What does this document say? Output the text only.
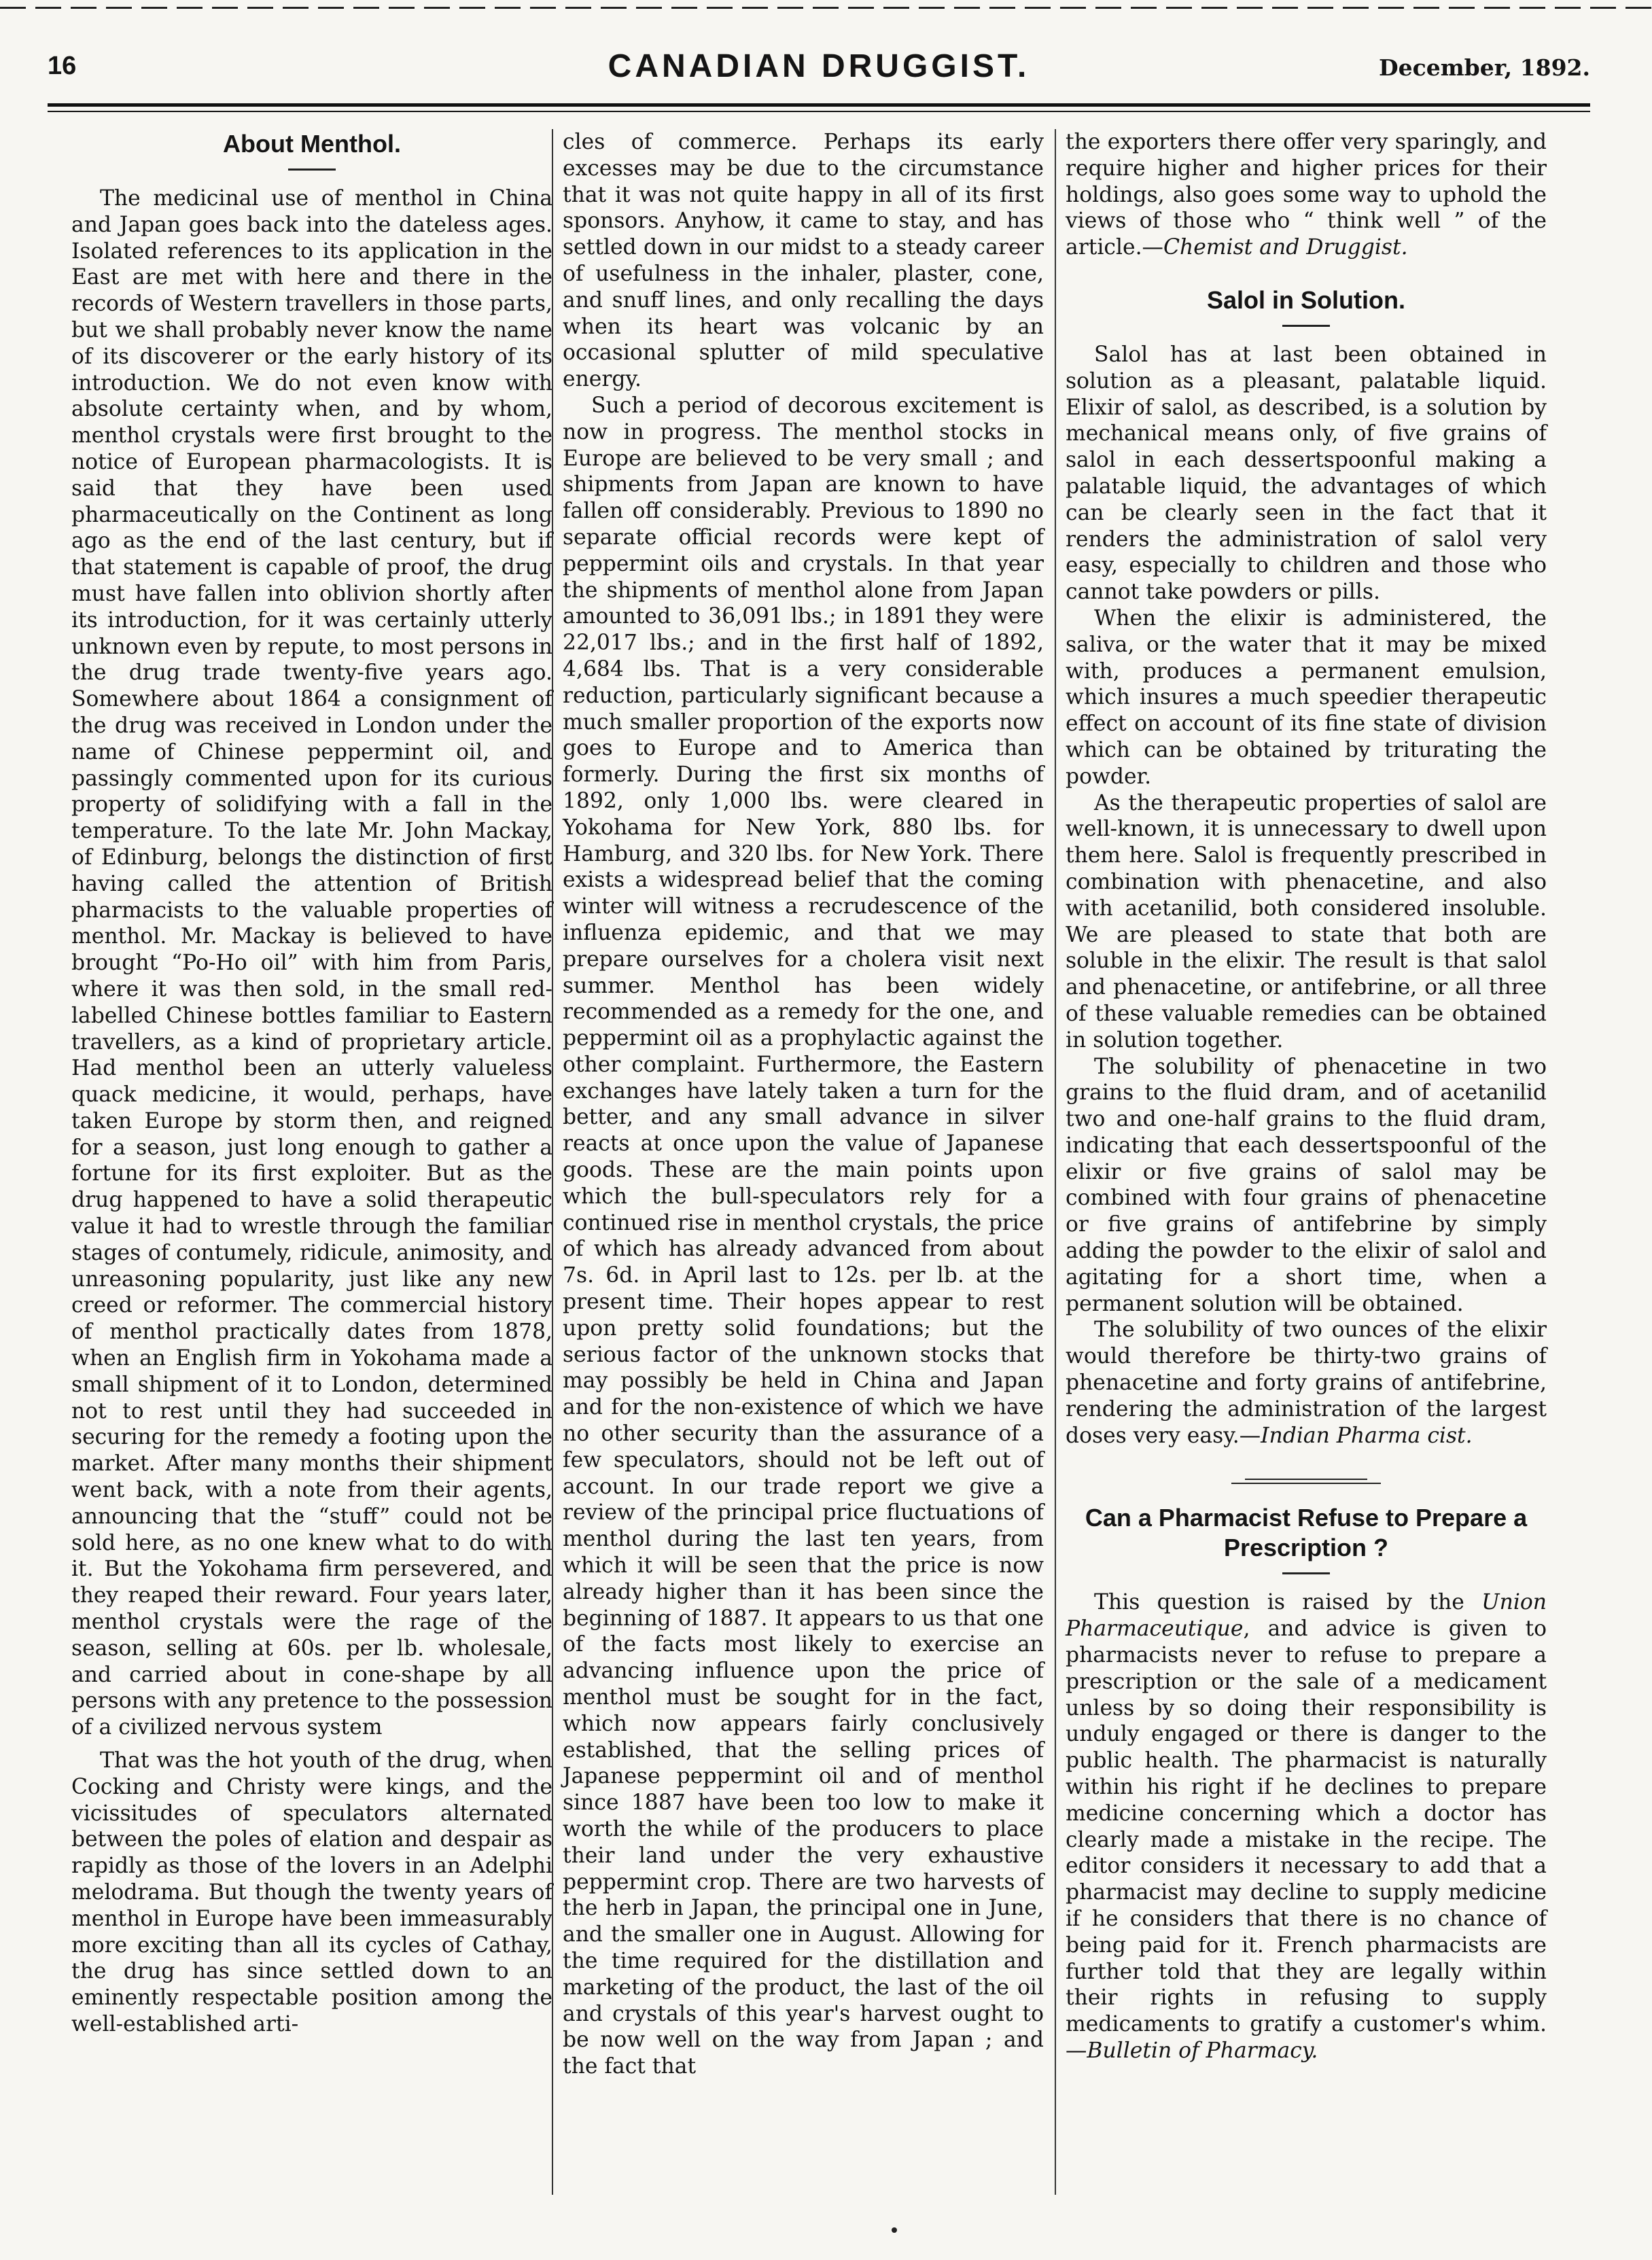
16	CANADIAN DRUGGIST.	December, 1892.
About Menthol.

The medicinal use of menthol in China and Japan goes back into the dateless ages. Isolated references to its application in the East are met with here and there in the records of Western travellers in those parts, but we shall probably never know the name of its discoverer or the early history of its introduction. We do not even know with absolute certainty when, and by whom, menthol crystals were first brought to the notice of European pharmacologists. It is said that they have been used pharmaceutically on the Continent as long ago as the end of the last century, but if that statement is capable of proof, the drug must have fallen into oblivion shortly after its introduction, for it was certainly utterly unknown even by repute, to most persons in the drug trade twenty-five years ago. Somewhere about 1864 a consignment of the drug was received in London under the name of Chinese peppermint oil, and passingly commented upon for its curious property of solidifying with a fall in the temperature. To the late Mr. John Mackay, of Edinburg, belongs the distinction of first having called the attention of British pharmacists to the valuable properties of menthol. Mr. Mackay is believed to have brought “Po-Ho oil” with him from Paris, where it was then sold, in the small red-labelled Chinese bottles familiar to Eastern travellers, as a kind of proprietary article. Had menthol been an utterly valueless quack medicine, it would, perhaps, have taken Europe by storm then, and reigned for a season, just long enough to gather a fortune for its first exploiter. But as the drug happened to have a solid therapeutic value it had to wrestle through the familiar stages of contumely, ridicule, animosity, and unreasoning popularity, just like any new creed or reformer. The commercial history of menthol practically dates from 1878, when an English firm in Yokohama made a small shipment of it to London, determined not to rest until they had succeeded in securing for the remedy a footing upon the market. After many months their shipment went back, with a note from their agents, announcing that the “stuff” could not be sold here, as no one knew what to do with it. But the Yokohama firm persevered, and they reaped their reward. Four years later, menthol crystals were the rage of the season, selling at 60s. per lb. wholesale, and carried about in cone-shape by all persons with any pretence to the possession of a civilized nervous system

That was the hot youth of the drug, when Cocking and Christy were kings, and the vicissitudes of speculators alternated between the poles of elation and despair as rapidly as those of the lovers in an Adelphi melodrama. But though the twenty years of menthol in Europe have been immeasurably more exciting than all its cycles of Cathay, the drug has since settled down to an eminently respectable position among the well-established arti-

cles of commerce. Perhaps its early excesses may be due to the circumstance that it was not quite happy in all of its first sponsors. Anyhow, it came to stay, and has settled down in our midst to a steady career of usefulness in the inhaler, plaster, cone, and snuff lines, and only recalling the days when its heart was volcanic by an occasional splutter of mild speculative energy.

Such a period of decorous excitement is now in progress. The menthol stocks in Europe are believed to be very small ; and shipments from Japan are known to have fallen off considerably. Previous to 1890 no separate official records were kept of peppermint oils and crystals. In that year the shipments of menthol alone from Japan amounted to 36,091 lbs.; in 1891 they were 22,017 lbs.; and in the first half of 1892, 4,684 lbs. That is a very considerable reduction, particularly significant because a much smaller proportion of the exports now goes to Europe and to America than formerly. During the first six months of 1892, only 1,000 lbs. were cleared in Yokohama for New York, 880 lbs. for Hamburg, and 320 lbs. for New York. There exists a widespread belief that the coming winter will witness a recrudescence of the influenza epidemic, and that we may prepare ourselves for a cholera visit next summer. Menthol has been widely recommended as a remedy for the one, and peppermint oil as a prophylactic against the other complaint. Furthermore, the Eastern exchanges have lately taken a turn for the better, and any small advance in silver reacts at once upon the value of Japanese goods. These are the main points upon which the bull-speculators rely for a continued rise in menthol crystals, the price of which has already advanced from about 7s. 6d. in April last to 12s. per lb. at the present time. Their hopes appear to rest upon pretty solid foundations; but the serious factor of the unknown stocks that may possibly be held in China and Japan and for the non-existence of which we have no other security than the assurance of a few speculators, should not be left out of account. In our trade report we give a review of the principal price fluctuations of menthol during the last ten years, from which it will be seen that the price is now already higher than it has been since the beginning of 1887. It appears to us that one of the facts most likely to exercise an advancing influence upon the price of menthol must be sought for in the fact, which now appears fairly conclusively established, that the selling prices of Japanese peppermint oil and of menthol since 1887 have been too low to make it worth the while of the producers to place their land under the very exhaustive peppermint crop. There are two harvests of the herb in Japan, the principal one in June, and the smaller one in August. Allowing for the time required for the distillation and marketing of the product, the last of the oil and crystals of this year's harvest ought to be now well on the way from Japan ; and the fact that

the exporters there offer very sparingly, and require higher and higher prices for their holdings, also goes some way to uphold the views of those who “ think well ” of the article.—Chemist and Druggist.

Salol in Solution.

Salol has at last been obtained in solution as a pleasant, palatable liquid. Elixir of salol, as described, is a solution by mechanical means only, of five grains of salol in each dessertspoonful making a palatable liquid, the advantages of which can be clearly seen in the fact that it renders the administration of salol very easy, especially to children and those who cannot take powders or pills.

When the elixir is administered, the saliva, or the water that it may be mixed with, produces a permanent emulsion, which insures a much speedier therapeutic effect on account of its fine state of division which can be obtained by triturating the powder.

As the therapeutic properties of salol are well-known, it is unnecessary to dwell upon them here. Salol is frequently prescribed in combination with phenacetine, and also with acetanilid, both considered insoluble. We are pleased to state that both are soluble in the elixir. The result is that salol and phenacetine, or antifebrine, or all three of these valuable remedies can be obtained in solution together.

The solubility of phenacetine in two grains to the fluid dram, and of acetanilid two and one-half grains to the fluid dram, indicating that each dessertspoonful of the elixir or five grains of salol may be combined with four grains of phenacetine or five grains of antifebrine by simply adding the powder to the elixir of salol and agitating for a short time, when a permanent solution will be obtained.

The solubility of two ounces of the elixir would therefore be thirty-two grains of phenacetine and forty grains of antifebrine, rendering the administration of the largest doses very easy.—Indian Pharma cist.

Can a Pharmacist Refuse to Prepare a Prescription ?

This question is raised by the Union Pharmaceutique, and advice is given to pharmacists never to refuse to prepare a prescription or the sale of a medicament unless by so doing their responsibility is unduly engaged or there is danger to the public health. The pharmacist is naturally within his right if he declines to prepare medicine concerning which a doctor has clearly made a mistake in the recipe. The editor considers it necessary to add that a pharmacist may decline to supply medicine if he considers that there is no chance of being paid for it. French pharmacists are further told that they are legally within their rights in refusing to supply medicaments to gratify a customer's whim.—Bulletin of Pharmacy.
